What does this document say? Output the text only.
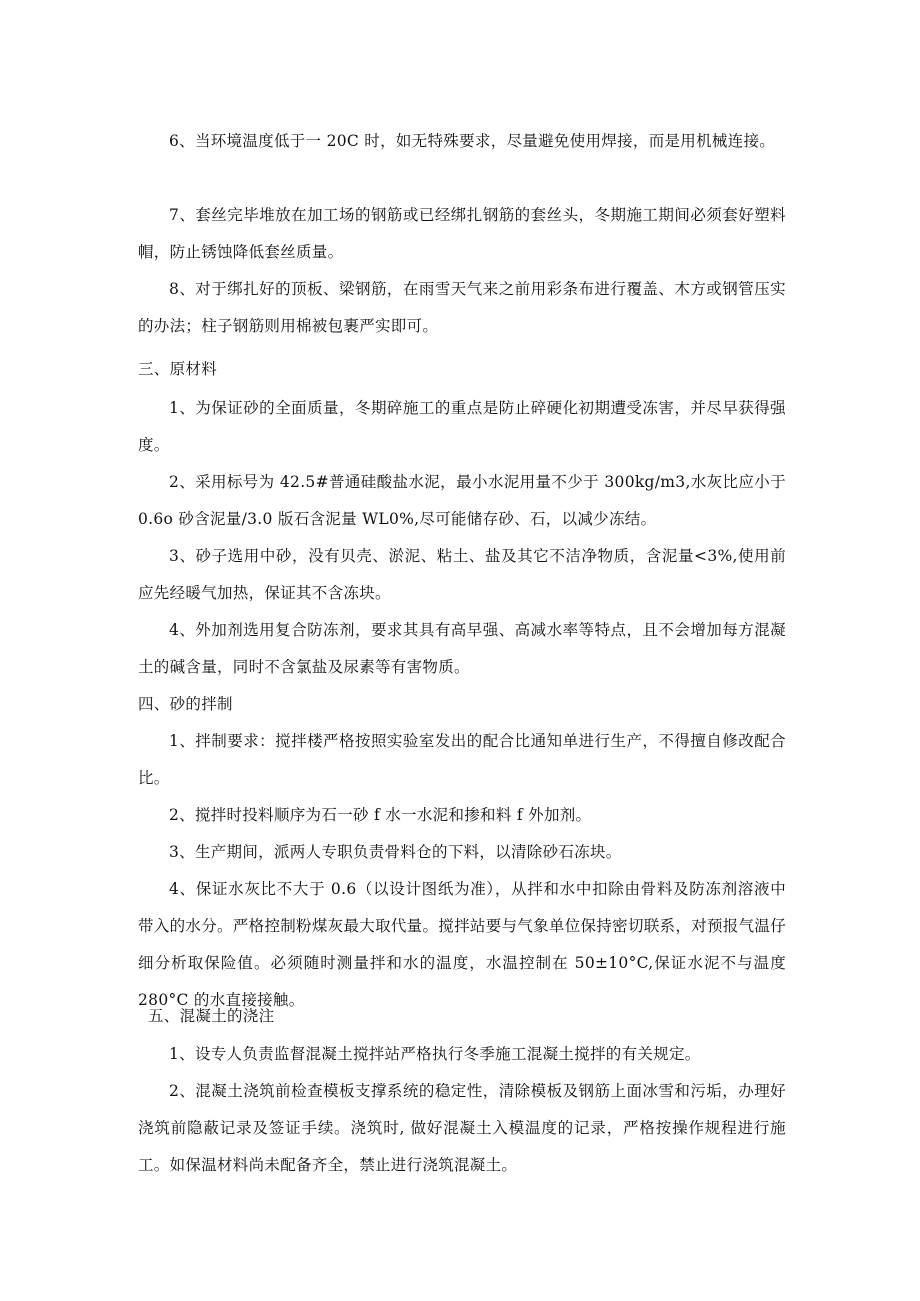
6、当环境温度低于一 20C 时，如无特殊要求，尽量避免使用焊接，而是用机械连接。

7、套丝完毕堆放在加工场的钢筋或已经绑扎钢筋的套丝头，冬期施工期间必须套好塑料帽，防止锈蚀降低套丝质量。

8、对于绑扎好的顶板、梁钢筋，在雨雪天气来之前用彩条布进行覆盖、木方或钢管压实的办法；柱子钢筋则用棉被包裹严实即可。

三、原材料

1、为保证砂的全面质量，冬期碎施工的重点是防止碎硬化初期遭受冻害，并尽早获得强度。

2、采用标号为 42.5#普通硅酸盐水泥，最小水泥用量不少于 300kg/m3,水灰比应小于 0.6o 砂含泥量/3.0 版石含泥量 WL0%,尽可能储存砂、石，以减少冻结。

3、砂子选用中砂，没有贝壳、淤泥、粘土、盐及其它不洁净物质，含泥量<3%,使用前应先经暖气加热，保证其不含冻块。

4、外加剂选用复合防冻剂，要求其具有高早强、高减水率等特点，且不会增加每方混凝土的碱含量，同时不含氯盐及尿素等有害物质。

四、砂的拌制

1、拌制要求：搅拌楼严格按照实验室发出的配合比通知单进行生产，不得擅自修改配合比。

2、搅拌时投料顺序为石一砂 f 水一水泥和掺和料 f 外加剂。

3、生产期间，派两人专职负责骨料仓的下料，以清除砂石冻块。

4、保证水灰比不大于 0.6（以设计图纸为准），从拌和水中扣除由骨料及防冻剂溶液中带入的水分。严格控制粉煤灰最大取代量。搅拌站要与气象单位保持密切联系，对预报气温仔细分析取保险值。必须随时测量拌和水的温度，水温控制在 50±10°C,保证水泥不与温度 280°C 的水直接接触。

五、混凝土的浇注

1、设专人负责监督混凝土搅拌站严格执行冬季施工混凝土搅拌的有关规定。

2、混凝土浇筑前检查模板支撑系统的稳定性，清除模板及钢筋上面冰雪和污垢，办理好浇筑前隐蔽记录及签证手续。浇筑时, 做好混凝土入模温度的记录，严格按操作规程进行施工。如保温材料尚未配备齐全，禁止进行浇筑混凝土。
